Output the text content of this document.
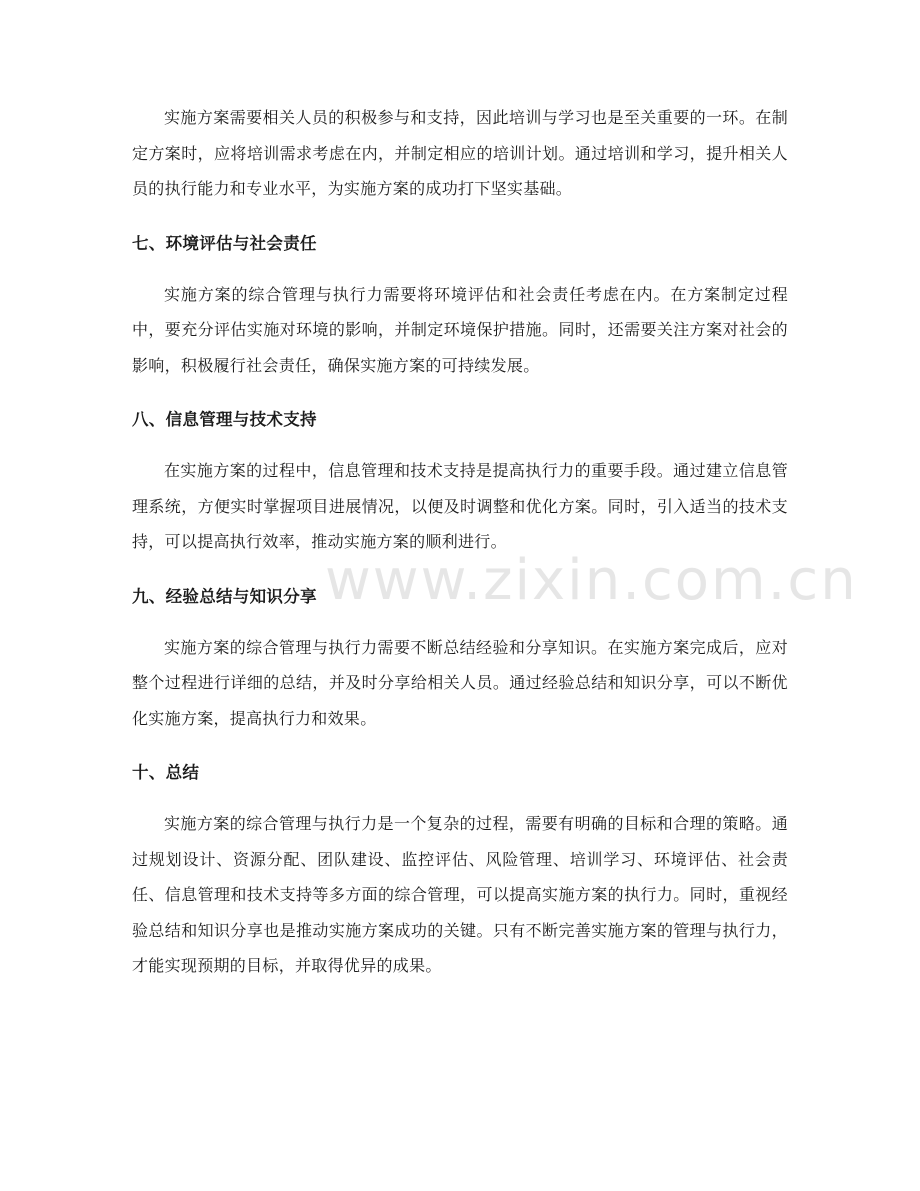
实施方案需要相关人员的积极参与和支持，因此培训与学习也是至关重要的一环。在制定方案时，应将培训需求考虑在内，并制定相应的培训计划。通过培训和学习，提升相关人员的执行能力和专业水平，为实施方案的成功打下坚实基础。

七、环境评估与社会责任

实施方案的综合管理与执行力需要将环境评估和社会责任考虑在内。在方案制定过程中，要充分评估实施对环境的影响，并制定环境保护措施。同时，还需要关注方案对社会的影响，积极履行社会责任，确保实施方案的可持续发展。

八、信息管理与技术支持

在实施方案的过程中，信息管理和技术支持是提高执行力的重要手段。通过建立信息管理系统，方便实时掌握项目进展情况，以便及时调整和优化方案。同时，引入适当的技术支持，可以提高执行效率，推动实施方案的顺利进行。

九、经验总结与知识分享

实施方案的综合管理与执行力需要不断总结经验和分享知识。在实施方案完成后，应对整个过程进行详细的总结，并及时分享给相关人员。通过经验总结和知识分享，可以不断优化实施方案，提高执行力和效果。

十、总结

实施方案的综合管理与执行力是一个复杂的过程，需要有明确的目标和合理的策略。通过规划设计、资源分配、团队建设、监控评估、风险管理、培训学习、环境评估、社会责任、信息管理和技术支持等多方面的综合管理，可以提高实施方案的执行力。同时，重视经验总结和知识分享也是推动实施方案成功的关键。只有不断完善实施方案的管理与执行力，才能实现预期的目标，并取得优异的成果。

www.zixin.com.cn
